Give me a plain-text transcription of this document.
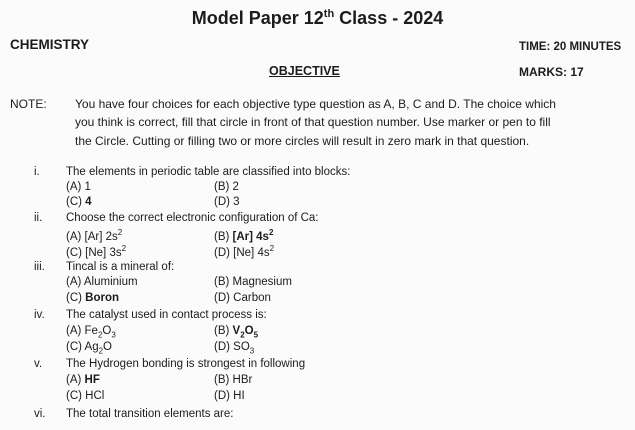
Model Paper 12th Class - 2024
CHEMISTRY	TIME: 20 MINUTES
OBJECTIVE	MARKS: 17
NOTE: You have four choices for each objective type question as A, B, C and D. The choice which
you think is correct, fill that circle in front of that question number. Use marker or pen to fill
the Circle. Cutting or filling two or more circles will result in zero mark in that question.
i. The elements in periodic table are classified into blocks:
(A) 1	(B) 2
(C) 4	(D) 3
ii. Choose the correct electronic configuration of Ca:
(A) [Ar] $2s^2$	(B) [Ar] $4s^2$
(C) [Ne] $3s^2$	(D) [Ne] $4s^2$
iii. Tincal is a mineral of:
(A) Aluminium	(B) Magnesium
(C) Boron	(D) Carbon
iv. The catalyst used in contact process is:
(A) $Fe_2O_3$	(B) $V_2O_5$
(C) $Ag_2O$	(D) $SO_3$
v. The Hydrogen bonding is strongest in following
(A) HF	(B) HBr
(C) HCl	(D) HI
vi. The total transition elements are:
